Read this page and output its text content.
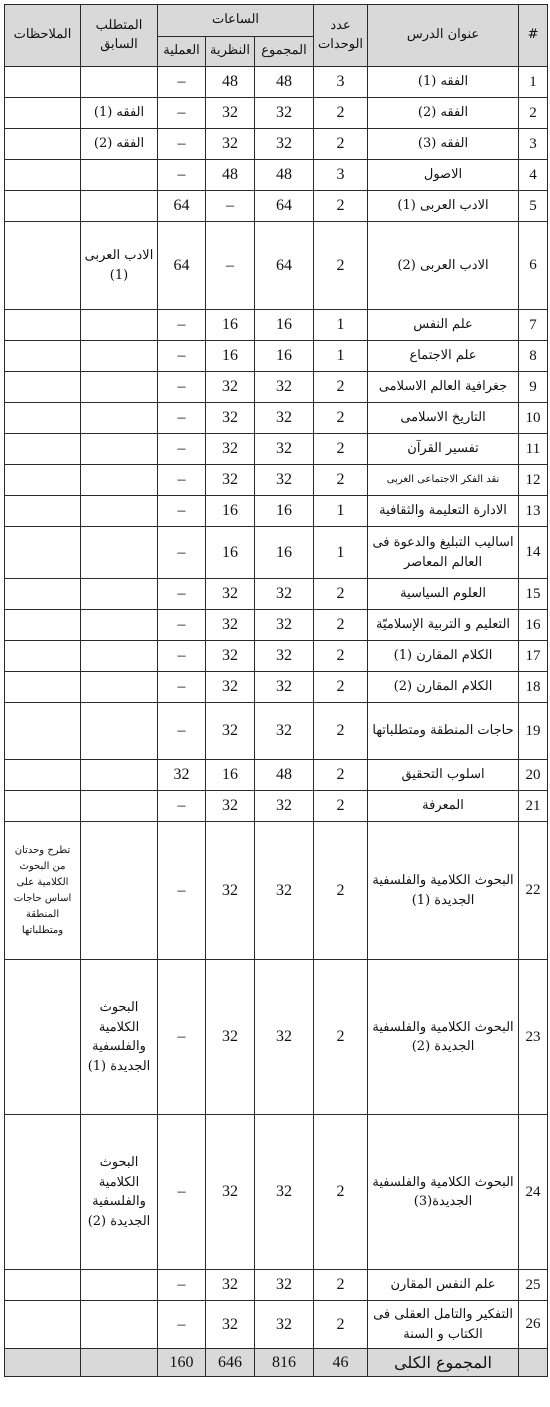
#	عنوان الدرس	عدد الوحدات	الساعات			المتطلب السابق	الملاحظات
			المجموع	النظرية	العملية		
1	الفقه (1)	3	48	48	–		
2	الفقه (2)	2	32	32	–	الفقه (1)	
3	الفقه (3)	2	32	32	–	الفقه (2)	
4	الاصول	3	48	48	–		
5	الادب العربى (1)	2	64	–	64		
6	الادب العربى (2)	2	64	–	64	الادب العربى (1)	
7	علم النفس	1	16	16	–		
8	علم الاجتماع	1	16	16	–		
9	جغرافية العالم الاسلامى	2	32	32	–		
10	التاريخ الاسلامى	2	32	32	–		
11	تفسير القرآن	2	32	32	–		
12	نقد الفكر الاجتماعى الغربى	2	32	32	–		
13	الادارة التعليمة والثقافية	1	16	16	–		
14	اساليب التبليغ والدعوة فى العالم المعاصر	1	16	16	–		
15	العلوم السياسية	2	32	32	–		
16	التعليم و التربية الإسلاميّة	2	32	32	–		
17	الكلام المقارن (1)	2	32	32	–		
18	الكلام المقارن (2)	2	32	32	–		
19	حاجات المنطقة ومتطلباتها	2	32	32	–		
20	اسلوب التحقيق	2	48	16	32		
21	المعرفة	2	32	32	–		
22	البحوث الكلامية والفلسفية الجديدة (1)	2	32	32	–		تطرح وحدتان من البحوث الكلامية على اساس حاجات المنطقة ومتطلباتها
23	البحوث الكلامية والفلسفية الجديدة (2)	2	32	32	–	البحوث الكلامية والفلسفية الجديدة (1)	
24	البحوث الكلامية والفلسفية الجديدة(3)	2	32	32	–	البحوث الكلامية والفلسفية الجديدة (2)	
25	علم النفس المقارن	2	32	32	–		
26	التفكير والتامل العقلى فى الكتاب و السنة	2	32	32	–		
	المجموع الكلى	46	816	646	160		
